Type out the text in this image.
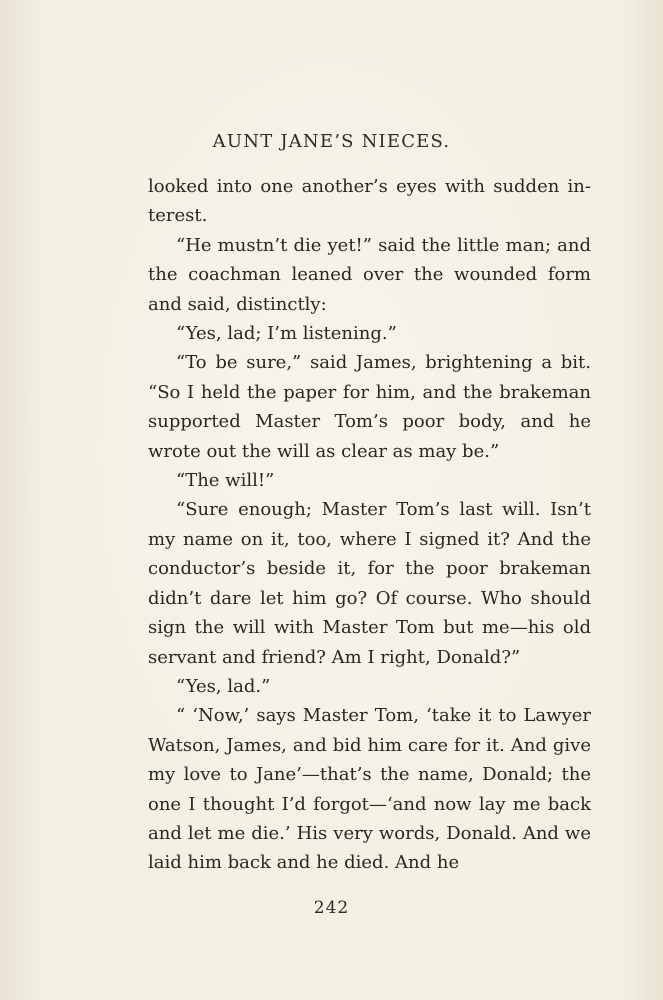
AUNT JANE’S NIECES.

looked into one another’s eyes with sudden interest.

“He mustn’t die yet!” said the little man; and the coachman leaned over the wounded form and said, distinctly:

“Yes, lad; I’m listening.”

“To be sure,” said James, brightening a bit. “So I held the paper for him, and the brakeman supported Master Tom’s poor body, and he wrote out the will as clear as may be.”

“The will!”

“Sure enough; Master Tom’s last will. Isn’t my name on it, too, where I signed it? And the conductor’s beside it, for the poor brakeman didn’t dare let him go? Of course. Who should sign the will with Master Tom but me—his old servant and friend? Am I right, Donald?”

“Yes, lad.”

“ ‘Now,’ says Master Tom, ‘take it to Lawyer Watson, James, and bid him care for it. And give my love to Jane’—that’s the name, Donald; the one I thought I’d forgot—‘and now lay me back and let me die.’ His very words, Donald. And we laid him back and he died. And he

242
